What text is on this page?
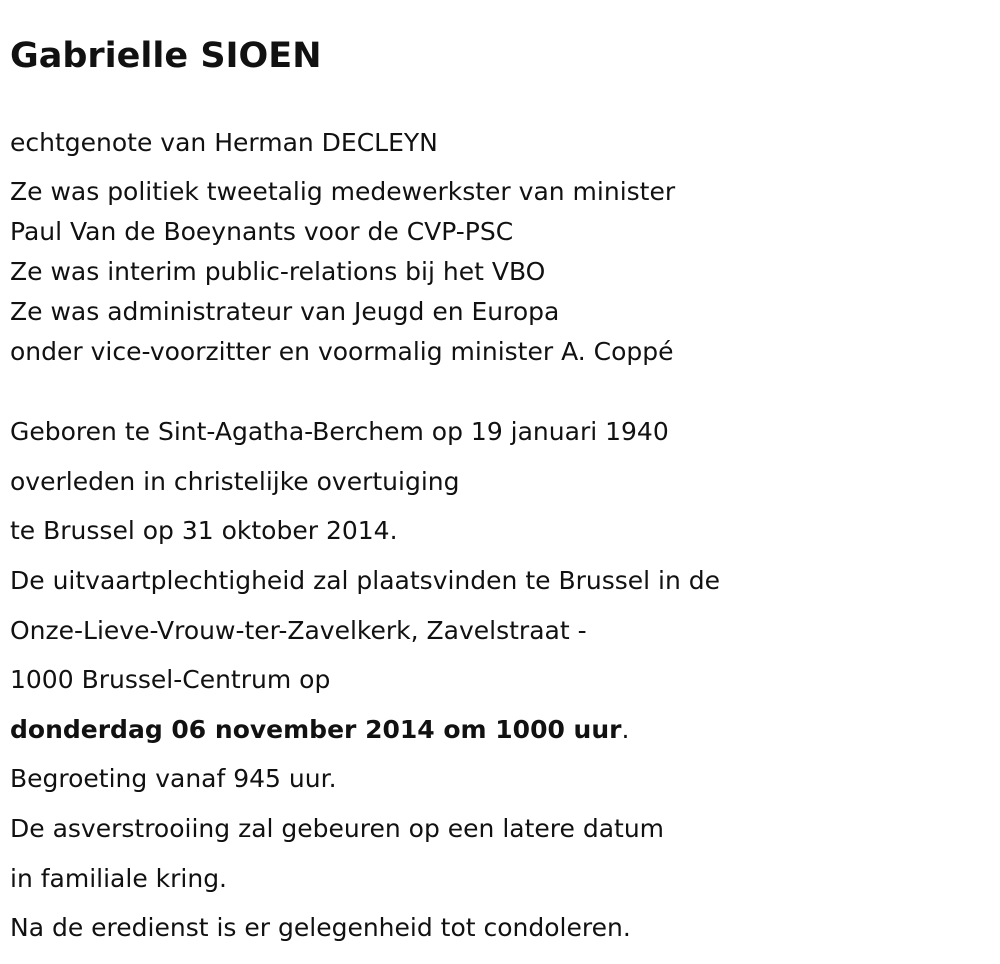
Gabrielle SIOEN

echtgenote van Herman DECLEYN

Ze was politiek tweetalig medewerkster van minister

Paul Van de Boeynants voor de CVP-PSC

Ze was interim public-relations bij het VBO

Ze was administrateur van Jeugd en Europa

onder vice-voorzitter en voormalig minister A. Coppé

Geboren te Sint-Agatha-Berchem op 19 januari 1940

overleden in christelijke overtuiging

te Brussel op 31 oktober 2014.

De uitvaartplechtigheid zal plaatsvinden te Brussel in de

Onze-Lieve-Vrouw-ter-Zavelkerk, Zavelstraat -

1000 Brussel-Centrum op

donderdag 06 november 2014 om 1000 uur.

Begroeting vanaf 945 uur.

De asverstrooiing zal gebeuren op een latere datum

in familiale kring.

Na de eredienst is er gelegenheid tot condoleren.
